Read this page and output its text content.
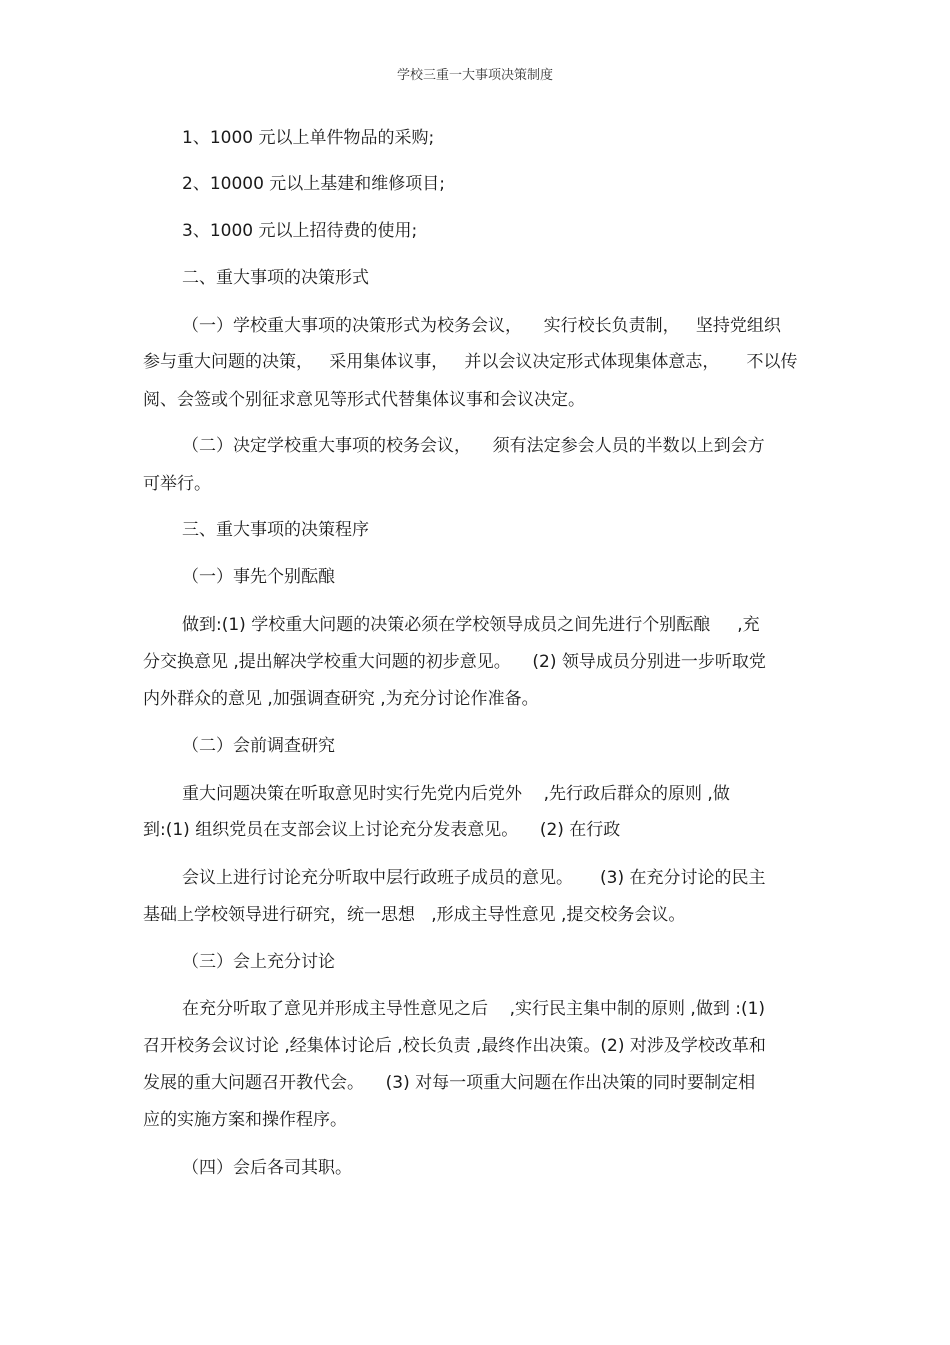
学校三重一大事项决策制度
1、1000 元以上单件物品的采购;
2、10000 元以上基建和维修项目;
3、1000 元以上招待费的使用;
二、重大事项的决策形式
（一）学校重大事项的决策形式为校务会议，    实行校长负责制，   坚持党组织
参与重大问题的决策，   采用集体议事，   并以会议决定形式体现集体意志，     不以传
阅、会签或个别征求意见等形式代替集体议事和会议决定。
（二）决定学校重大事项的校务会议，    须有法定参会人员的半数以上到会方
可举行。
三、重大事项的决策程序
（一）事先个别酝酿
做到:(1) 学校重大问题的决策必须在学校领导成员之间先进行个别酝酿     ,充
分交换意见 ,提出解决学校重大问题的初步意见。    (2) 领导成员分别进一步听取党
内外群众的意见 ,加强调查研究 ,为充分讨论作准备。
（二）会前调查研究
重大问题决策在听取意见时实行先党内后党外    ,先行政后群众的原则 ,做
到:(1) 组织党员在支部会议上讨论充分发表意见。    (2) 在行政
会议上进行讨论充分听取中层行政班子成员的意见。     (3) 在充分讨论的民主
基础上学校领导进行研究，统一思想   ,形成主导性意见 ,提交校务会议。
（三）会上充分讨论
在充分听取了意见并形成主导性意见之后    ,实行民主集中制的原则 ,做到 :(1)
召开校务会议讨论 ,经集体讨论后 ,校长负责 ,最终作出决策。(2) 对涉及学校改革和
发展的重大问题召开教代会。    (3) 对每一项重大问题在作出决策的同时要制定相
应的实施方案和操作程序。
（四）会后各司其职。
